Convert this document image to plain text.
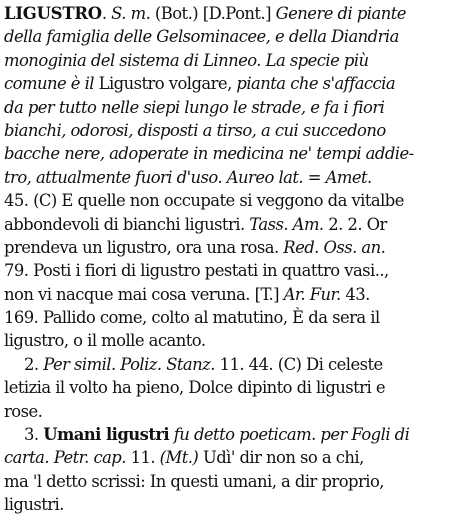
LIGUSTRO. S. m. (Bot.) [D.Pont.] Genere di piante
della famiglia delle Gelsominacee, e della Diandria
monoginia del sistema di Linneo. La specie più
comune è il Ligustro volgare, pianta che s'affaccia
da per tutto nelle siepi lungo le strade, e fa i fiori
bianchi, odorosi, disposti a tirso, a cui succedono
bacche nere, adoperate in medicina ne' tempi addie-
tro, attualmente fuori d'uso. Aureo lat. = Amet.
45. (C) E quelle non occupate si veggono da vitalbe
abbondevoli di bianchi ligustri. Tass. Am. 2. 2. Or
prendeva un ligustro, ora una rosa. Red. Oss. an.
79. Posti i fiori di ligustro pestati in quattro vasi..,
non vi nacque mai cosa veruna. [T.] Ar. Fur. 43.
169. Pallido come, colto al matutino, È da sera il
ligustro, o il molle acanto.
2. Per simil. Poliz. Stanz. 11. 44. (C) Di celeste
letizia il volto ha pieno, Dolce dipinto di ligustri e
rose.
3. Umani ligustri fu detto poeticam. per Fogli di
carta. Petr. cap. 11. (Mt.) Udì' dir non so a chi,
ma 'l detto scrissi: In questi umani, a dir proprio,
ligustri.
